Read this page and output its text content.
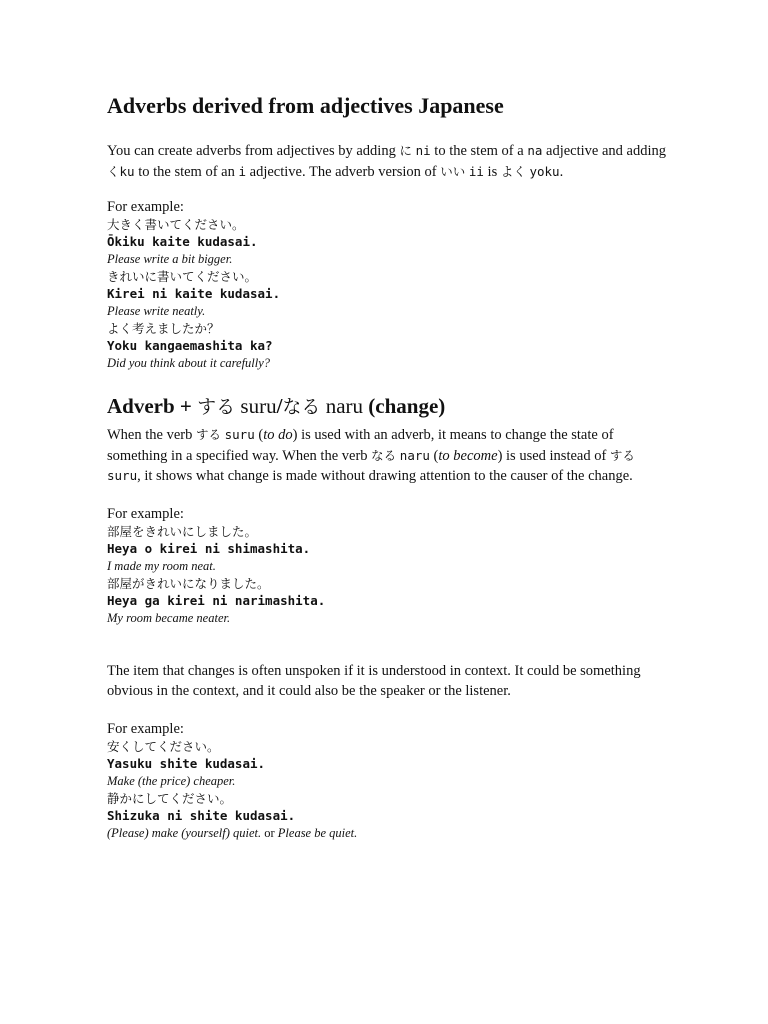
Adverbs derived from adjectives Japanese

You can create adverbs from adjectives by adding に ni to the stem of a na adjective and adding くku to the stem of an i adjective. The adverb version of いい ii is よく yoku.

For example:

大きく書いてください。

Ōkiku kaite kudasai.

Please write a bit bigger.

きれいに書いてください。

Kirei ni kaite kudasai.

Please write neatly.

よく考えましたか？

Yoku kangaemashita ka?

Did you think about it carefully?

Adverb + する suru/なる naru (change)

When the verb する suru (to do) is used with an adverb, it means to change the state of something in a specified way. When the verb なる naru (to become) is used instead of する suru, it shows what change is made without drawing attention to the causer of the change.

For example:

部屋をきれいにしました。

Heya o kirei ni shimashita.

I made my room neat.

部屋がきれいになりました。

Heya ga kirei ni narimashita.

My room became neater.

The item that changes is often unspoken if it is understood in context. It could be something obvious in the context, and it could also be the speaker or the listener.

For example:

安くしてください。

Yasuku shite kudasai.

Make (the price) cheaper.

静かにしてください。

Shizuka ni shite kudasai.

(Please) make (yourself) quiet. or Please be quiet.
